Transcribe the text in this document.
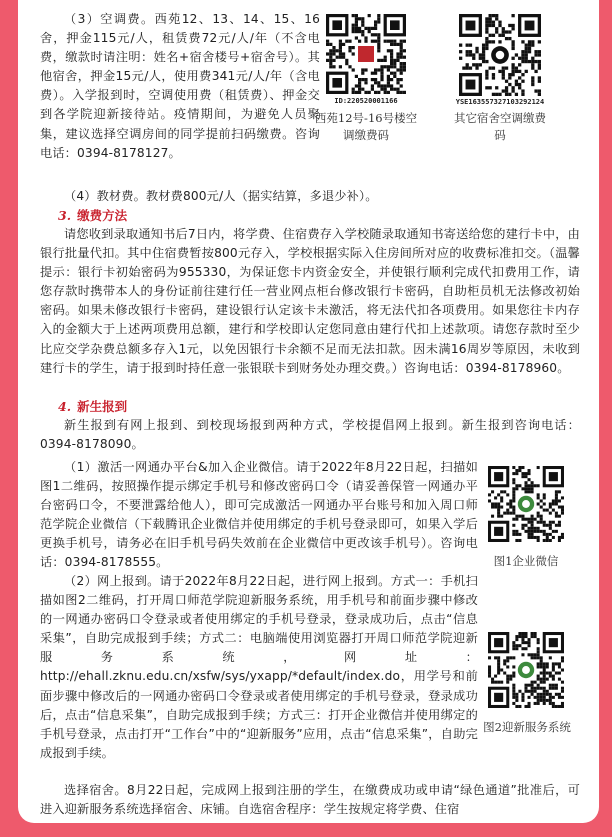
（3）空调费。西苑12、13、14、15、16舍，押金115元/人，租赁费72元/人/年（不含电费，缴款时请注明：姓名+宿舍楼号+宿舍号）。其他宿舍，押金15元/人，使用费341元/人/年（含电费）。入学报到时，空调使用费（租赁费）、押金交到各学院迎新接待站。疫情期间，为避免人员聚集，建议选择空调房间的同学提前扫码缴费。咨询电话：0394-8178127。

（4）教材费。教材费800元/人（据实结算，多退少补）。

ID:220520001166
西苑12号-16号楼空调缴费码
YSE163557327103292124
其它宿舍空调缴费码
3. 缴费方法

请您收到录取通知书后7日内，将学费、住宿费存入学校随录取通知书寄送给您的建行卡中，由银行批量代扣。其中住宿费暂按800元存入，学校根据实际入住房间所对应的收费标准扣交。（温馨提示：银行卡初始密码为955330，为保证您卡内资金安全，并使银行顺利完成代扣费用工作，请您存款时携带本人的身份证前往建行任一营业网点柜台修改银行卡密码，自助柜员机无法修改初始密码。如果未修改银行卡密码，建设银行认定该卡未激活，将无法代扣各项费用。如果您往卡内存入的金额大于上述两项费用总额，建行和学校即认定您同意由建行代扣上述款项。请您存款时至少比应交学杂费总额多存入1元，以免因银行卡余额不足而无法扣款。因未满16周岁等原因，未收到建行卡的学生，请于报到时持任意一张银联卡到财务处办理交费。）咨询电话：0394-8178960。

4. 新生报到

新生报到有网上报到、到校现场报到两种方式，学校提倡网上报到。新生报到咨询电话：0394-8178090。

（1）激活一网通办平台&加入企业微信。请于2022年8月22日起，扫描如图1二维码，按照操作提示绑定手机号和修改密码口令（请妥善保管一网通办平台密码口令，不要泄露给他人），即可完成激活一网通办平台账号和加入周口师范学院企业微信（下载腾讯企业微信并使用绑定的手机号登录即可，如果入学后更换手机号，请务必在旧手机号码失效前在企业微信中更改该手机号）。咨询电话：0394-8178555。

（2）网上报到。请于2022年8月22日起，进行网上报到。方式一：手机扫描如图2二维码，打开周口师范学院迎新服务系统，用手机号和前面步骤中修改的一网通办密码口令登录或者使用绑定的手机号登录，登录成功后，点击“信息采集”，自助完成报到手续；方式二：电脑端使用浏览器打开周口师范学院迎新服务系统，网址：http://ehall.zknu.edu.cn/xsfw/sys/yxapp/*default/index.do，用学号和前面步骤中修改后的一网通办密码口令登录或者使用绑定的手机号登录，登录成功后，点击“信息采集”，自助完成报到手续；方式三：打开企业微信并使用绑定的手机号登录，点击打开“工作台”中的“迎新服务”应用，点击“信息采集”，自助完成报到手续。

选择宿舍。8月22日起，完成网上报到注册的学生，在缴费成功或申请“绿色通道”批准后，可进入迎新服务系统选择宿舍、床铺。自选宿舍程序：学生按规定将学费、住宿

图1企业微信
图2迎新服务系统
